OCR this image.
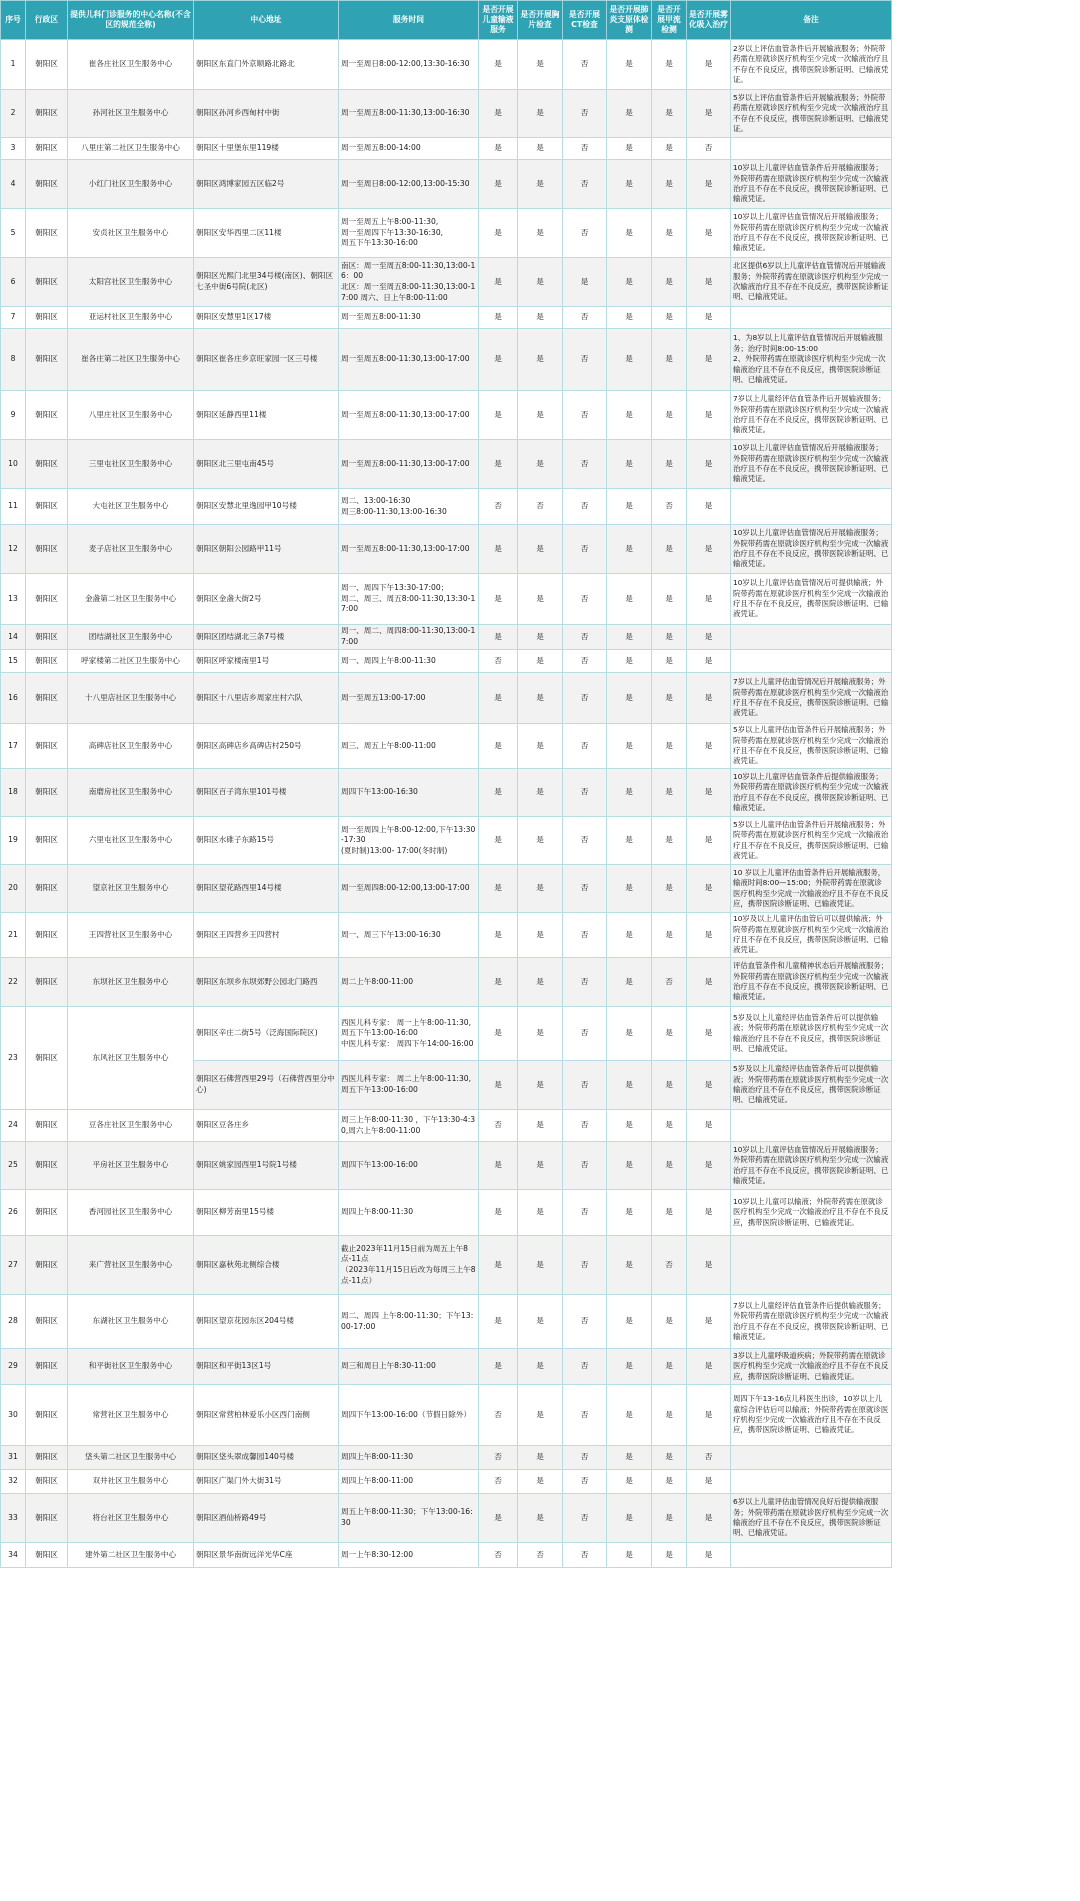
序号	行政区	提供儿科门诊服务的中心名称(不含区的规范全称)	中心地址	服务时间	是否开展儿童输液服务	是否开展胸片检查	是否开展CT检查	是否开展肺炎支原体检测	是否开展甲流检测	是否开展雾化吸入治疗	备注
1	朝阳区	崔各庄社区卫生服务中心	朝阳区东直门外京顺路北路北	周一至周日8:00-12:00,13:30-16:30	是	是	否	是	是	是	2岁以上评估血管条件后开展输液服务；外院带药需在原就诊医疗机构至少完成一次输液治疗且不存在不良反应，携带医院诊断证明、已输液凭证。
2	朝阳区	孙河社区卫生服务中心	朝阳区孙河乡西甸村中街	周一至周五8:00-11:30,13:00-16:30	是	是	否	是	是	是	5岁以上评估血管条件后开展输液服务；外院带药需在原就诊医疗机构至少完成一次输液治疗且不存在不良反应，携带医院诊断证明、已输液凭证。
3	朝阳区	八里庄第二社区卫生服务中心	朝阳区十里堡东里119楼	周一至周五8:00-14:00	是	是	否	是	是	否	
4	朝阳区	小红门社区卫生服务中心	朝阳区鸿博家园五区临2号	周一至周日8:00-12:00,13:00-15:30	是	是	否	是	是	是	10岁以上儿童评估血管条件后开展输液服务；外院带药需在原就诊医疗机构至少完成一次输液治疗且不存在不良反应，携带医院诊断证明、已输液凭证。
5	朝阳区	安贞社区卫生服务中心	朝阳区安华西里二区11楼	周一至周五上午8:00-11:30,
周一至周四下午13:30-16:30,
周五下午13:30-16:00	是	是	否	是	是	是	10岁以上儿童评估血管情况后开展输液服务；外院带药需在原就诊医疗机构至少完成一次输液治疗且不存在不良反应，携带医院诊断证明、已输液凭证。
6	朝阳区	太阳宫社区卫生服务中心	朝阳区光熙门北里34号楼(南区)、朝阳区七圣中街6号院(北区)	南区：周一至周五8:00-11:30,13:00-16：00
北区：周一至周五8:00-11:30,13:00-17:00 周六、日上午8:00-11:00	是	是	是	是	是	是	北区提供6岁以上儿童评估血管情况后开展输液服务；外院带药需在原就诊医疗机构至少完成一次输液治疗且不存在不良反应，携带医院诊断证明、已输液凭证。
7	朝阳区	亚运村社区卫生服务中心	朝阳区安慧里1区17楼	周一至周五8:00-11:30	是	是	否	是	是	是	
8	朝阳区	崔各庄第二社区卫生服务中心	朝阳区崔各庄乡京旺家园一区三号楼	周一至周五8:00-11:30,13:00-17:00	是	是	否	是	是	是	1、为8岁以上儿童评估血管情况后开展输液服务；治疗时间8:00-15:00
2、外院带药需在原就诊医疗机构至少完成一次输液治疗且不存在不良反应，携带医院诊断证明、已输液凭证。
9	朝阳区	八里庄社区卫生服务中心	朝阳区延静西里11楼	周一至周五8:00-11:30,13:00-17:00	是	是	否	是	是	是	7岁以上儿童经评估血管条件后开展输液服务；外院带药需在原就诊医疗机构至少完成一次输液治疗且不存在不良反应，携带医院诊断证明、已输液凭证。
10	朝阳区	三里屯社区卫生服务中心	朝阳区北三里屯南45号	周一至周五8:00-11:30,13:00-17:00	是	是	否	是	是	是	10岁以上儿童评估血管情况后开展输液服务；外院带药需在原就诊医疗机构至少完成一次输液治疗且不存在不良反应，携带医院诊断证明、已输液凭证。
11	朝阳区	大屯社区卫生服务中心	朝阳区安慧北里逸园甲10号楼	周二、13:00-16:30
周三8:00-11:30,13:00-16:30	否	否	否	是	否	是	
12	朝阳区	麦子店社区卫生服务中心	朝阳区朝阳公园路甲11号	周一至周五8:00-11:30,13:00-17:00	是	是	否	是	是	是	10岁以上儿童评估血管情况后开展输液服务；外院带药需在原就诊医疗机构至少完成一次输液治疗且不存在不良反应，携带医院诊断证明、已输液凭证。
13	朝阳区	金盏第二社区卫生服务中心	朝阳区金盏大街2号	周一、周四下午13:30-17:00；
周二、周三、周五8:00-11:30,13:30-17:00	是	是	否	是	是	是	10岁以上儿童评估血管情况后可提供输液；外院带药需在原就诊医疗机构至少完成一次输液治疗且不存在不良反应，携带医院诊断证明、已输液凭证。
14	朝阳区	团结湖社区卫生服务中心	朝阳区团结湖北三条7号楼	周一、周二、周四8:00-11:30,13:00-17:00	是	是	否	是	是	是	
15	朝阳区	呼家楼第二社区卫生服务中心	朝阳区呼家楼南里1号	周一、周四上午8:00-11:30	否	是	否	是	是	是	
16	朝阳区	十八里店社区卫生服务中心	朝阳区十八里店乡周家庄村六队	周一至周五13:00-17:00	是	是	否	是	是	是	7岁以上儿童评估血管情况后开展输液服务；外院带药需在原就诊医疗机构至少完成一次输液治疗且不存在不良反应，携带医院诊断证明、已输液凭证。
17	朝阳区	高碑店社区卫生服务中心	朝阳区高碑店乡高碑店村250号	周三、周五上午8:00-11:00	是	是	否	是	是	是	5岁以上儿童评估血管条件后开展输液服务；外院带药需在原就诊医疗机构至少完成一次输液治疗且不存在不良反应，携带医院诊断证明、已输液凭证。
18	朝阳区	南磨房社区卫生服务中心	朝阳区百子湾东里101号楼	周四下午13:00-16:30	是	是	否	是	是	是	10岁以上儿童评估血管条件后提供输液服务；外院带药需在原就诊医疗机构至少完成一次输液治疗且不存在不良反应，携带医院诊断证明、已输液凭证。
19	朝阳区	六里屯社区卫生服务中心	朝阳区水碓子东路15号	周一至周四上午8:00-12:00,下午13:30-17:30
(夏时制)13:00- 17:00(冬时制)	是	是	否	是	是	是	5岁以上儿童评估血管条件后开展输液服务；外院带药需在原就诊医疗机构至少完成一次输液治疗且不存在不良反应，携带医院诊断证明、已输液凭证。
20	朝阳区	望京社区卫生服务中心	朝阳区望花路西里14号楼	周一至周四8:00-12:00,13:00-17:00	是	是	否	是	是	是	10 岁以上儿童评估血管条件后开展输液服务，输液时间8:00—15:00；外院带药需在原就诊医疗机构至少完成一次输液治疗且不存在不良反应，携带医院诊断证明、已输液凭证。
21	朝阳区	王四营社区卫生服务中心	朝阳区王四营乡王四营村	周一、周三下午13:00-16:30	是	是	否	是	是	是	10岁及以上儿童评估血管后可以提供输液；外院带药需在原就诊医疗机构至少完成一次输液治疗且不存在不良反应，携带医院诊断证明、已输液凭证。
22	朝阳区	东坝社区卫生服务中心	朝阳区东坝乡东坝郊野公园北门路西	周二上午8:00-11:00	是	是	否	是	否	是	评估血管条件和儿童精神状态后开展输液服务；外院带药需在原就诊医疗机构至少完成一次输液治疗且不存在不良反应，携带医院诊断证明、已输液凭证。
23	朝阳区	东风社区卫生服务中心	朝阳区辛庄二街5号（泛海国际院区)	西医儿科专家： 周一上午8:00-11:30,周五下午13:00-16:00
中医儿科专家： 周四下午14:00-16:00	是	是	否	是	是	是	5岁及以上儿童经评估血管条件后可以提供输液；外院带药需在原就诊医疗机构至少完成一次输液治疗且不存在不良反应，携带医院诊断证明、已输液凭证。
			朝阳区石佛营西里29号（石佛营西里分中心)	西医儿科专家： 周二上午8:00-11:30,周五下午13:00-16:00	是	是	否	是	是	是	5岁及以上儿童经评估血管条件后可以提供输液；外院带药需在原就诊医疗机构至少完成一次输液治疗且不存在不良反应，携带医院诊断证明、已输液凭证。
24	朝阳区	豆各庄社区卫生服务中心	朝阳区豆各庄乡	周三上午8:00-11:30 ，下午13:30-4:30,周六上午8:00-11:00	否	是	否	是	是	是	
25	朝阳区	平房社区卫生服务中心	朝阳区姚家园西里1号院1号楼	周四下午13:00-16:00	是	是	否	是	是	是	10岁以上儿童评估血管情况后开展输液服务；外院带药需在原就诊医疗机构至少完成一次输液治疗且不存在不良反应，携带医院诊断证明、已输液凭证。
26	朝阳区	香河园社区卫生服务中心	朝阳区柳芳南里15号楼	周四上午8:00-11:30	是	是	否	是	是	是	10岁以上儿童可以输液；外院带药需在原就诊医疗机构至少完成一次输液治疗且不存在不良反应，携带医院诊断证明、已输液凭证。
27	朝阳区	来广营社区卫生服务中心	朝阳区嘉秋苑北侧综合楼	截止2023年11月15日前为周五上午8点-11点
（2023年11月15日后改为每周三上午8点-11点）	是	是	否	是	否	是	
28	朝阳区	东湖社区卫生服务中心	朝阳区望京花园东区204号楼	周二、周四 上午8:00-11:30；下午13:00-17:00	是	是	否	是	是	是	7岁以上儿童经评估血管条件后提供输液服务；外院带药需在原就诊医疗机构至少完成一次输液治疗且不存在不良反应，携带医院诊断证明、已输液凭证。
29	朝阳区	和平街社区卫生服务中心	朝阳区和平街13区1号	周三和周日上午8:30-11:00	是	是	否	是	是	是	3岁以上儿童呼吸道疾病；外院带药需在原就诊医疗机构至少完成一次输液治疗且不存在不良反应，携带医院诊断证明、已输液凭证。
30	朝阳区	常营社区卫生服务中心	朝阳区常营柏林爱乐小区西门南侧	周四下午13:00-16:00（节假日除外）	否	是	否	是	是	是	周四下午13-16点儿科医生出诊，10岁以上儿童综合评估后可以输液；外院带药需在原就诊医疗机构至少完成一次输液治疗且不存在不良反应，携带医院诊断证明、已输液凭证。
31	朝阳区	垡头第二社区卫生服务中心	朝阳区垡头翠成馨园140号楼	周四上午8:00-11:30	否	是	否	是	是	否	
32	朝阳区	双井社区卫生服务中心	朝阳区广渠门外大街31号	周四上午8:00-11:00	否	是	否	是	是	是	
33	朝阳区	将台社区卫生服务中心	朝阳区酒仙桥路49号	周五上午8:00-11:30；下午13:00-16:30	是	是	否	是	是	是	6岁以上儿童评估血管情况良好后提供输液服务；外院带药需在原就诊医疗机构至少完成一次输液治疗且不存在不良反应，携带医院诊断证明、已输液凭证。
34	朝阳区	建外第二社区卫生服务中心	朝阳区景华南街远洋光华C座	周一上午8:30-12:00	否	否	否	是	是	是	
